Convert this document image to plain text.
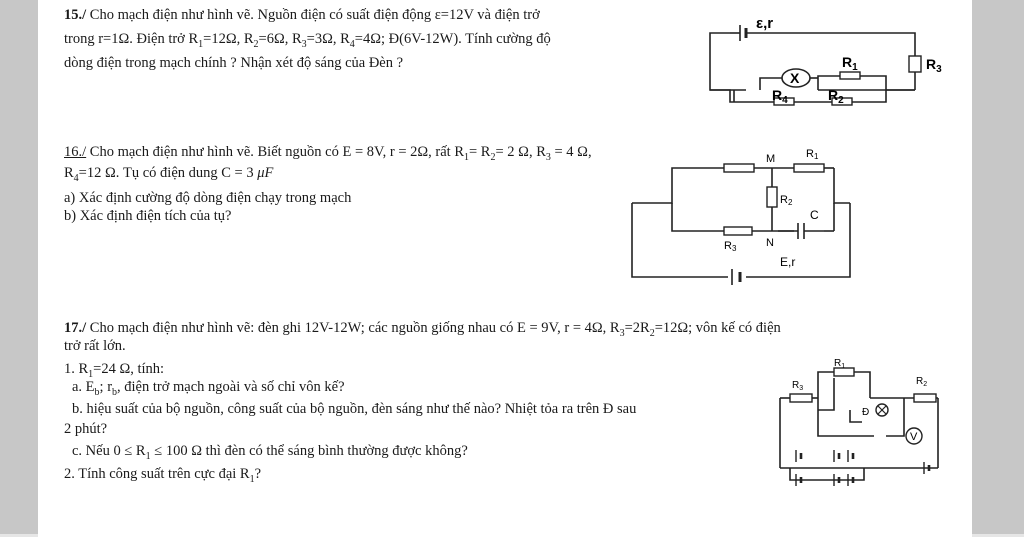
15./ Cho mạch điện như hình vẽ. Nguồn điện có suất điện động ε=12V và điện trở
trong r=1Ω. Điện trở $R_1=12\Omega$, $R_2=6\Omega$, $R_3=3\Omega$, $R_4=4\Omega$; Đ(6V-12W). Tính cường độ
dòng điện trong mạch chính ? Nhận xét độ sáng của Đèn ?
ε,r
$R_3$
$R_1$
X
$R_4$	$R_2$
16./ Cho mạch điện như hình vẽ. Biết nguồn có E = 8V, r = 2Ω, rất $R_1= R_2= 2$ Ω, $R_3 = 4$ Ω,
$R_4=12$ Ω. Tụ có điện dung C = 3 μF
a) Xác định cường độ dòng điện chạy trong mạch
b) Xác định điện tích của tụ?
R1
M
R2
R3
C
N
E,r
17./ Cho mạch điện như hình vẽ: đèn ghi 12V-12W; các nguồn giống nhau có E = 9V, r = 4Ω, $R_3=2R_2=12\Omega$; vôn kế có điện
trở rất lớn.
1. $R_1=24$ Ω, tính:
a. $E_b$; $r_b$, điện trở mạch ngoài và số chỉ vôn kế?
b. hiệu suất của bộ nguồn, công suất của bộ nguồn, đèn sáng như thế nào? Nhiệt tỏa ra trên Đ sau
2 phút?
c. Nếu $0 \le R_1 \le 100$ Ω thì đèn có thể sáng bình thường được không?
2. Tính công suất trên cực đại $R_1$?
$R_3$
$R_1$
$R_2$
Đ
V
